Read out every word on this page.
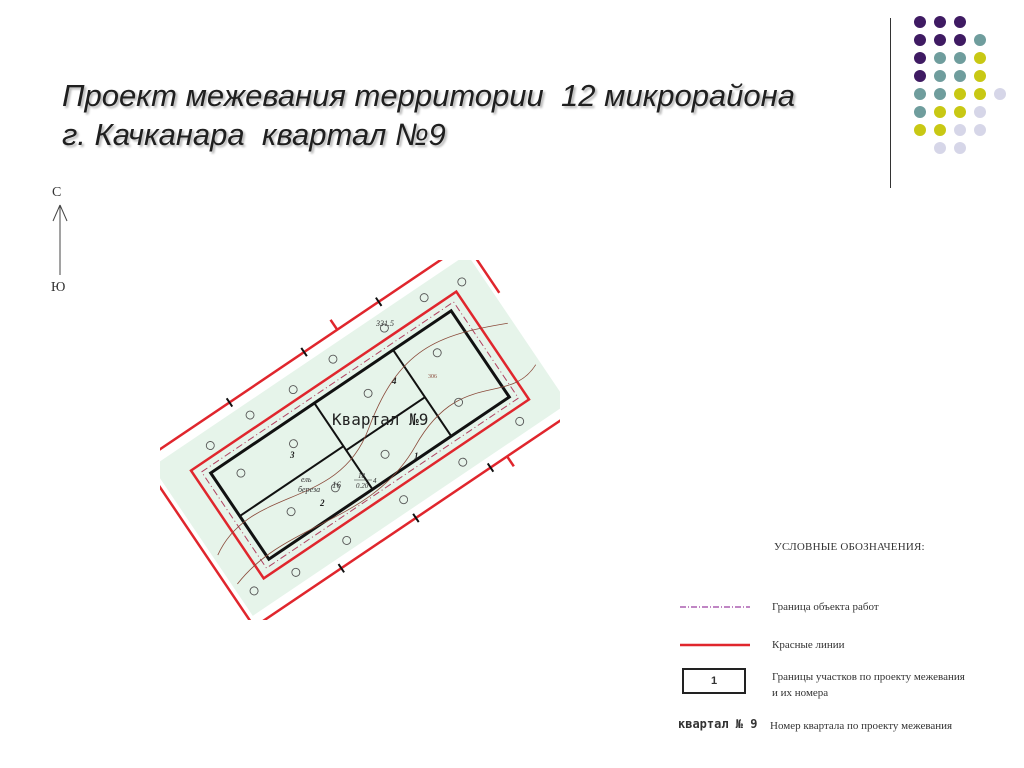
Проект межевания территории  12 микрорайона
г. Качканара  квартал №9
С
Ю
Квартал №9
1
2
3
4
331.5
306
ель
береза 16
18
0.20
4
УСЛОВНЫЕ ОБОЗНАЧЕНИЯ:
Граница объекта работ
Красные линии
1	Границы участков по проекту межевания
и их номера
квартал № 9 Номер квартала по проекту межевания
